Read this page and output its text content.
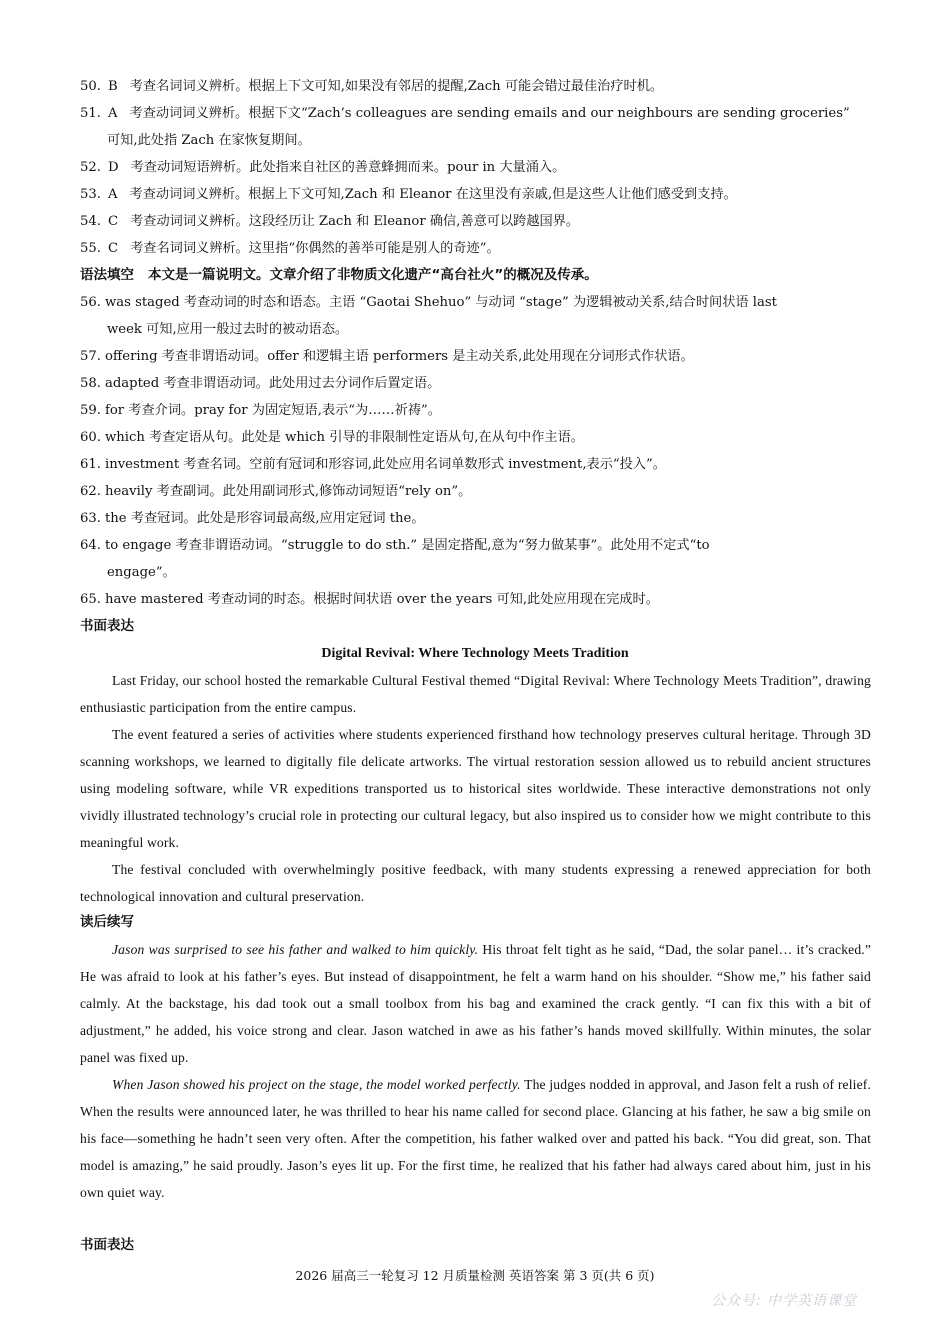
50. B 考查名词词义辨析。根据上下文可知,如果没有邻居的提醒,Zach 可能会错过最佳治疗时机。
51. A 考查动词词义辨析。根据下文“Zach’s colleagues are sending emails and our neighbours are sending groceries”
可知,此处指 Zach 在家恢复期间。
52. D 考查动词短语辨析。此处指来自社区的善意蜂拥而来。pour in 大量涌入。
53. A 考查动词词义辨析。根据上下文可知,Zach 和 Eleanor 在这里没有亲戚,但是这些人让他们感受到支持。
54. C 考查动词词义辨析。这段经历让 Zach 和 Eleanor 确信,善意可以跨越国界。
55. C 考查名词词义辨析。这里指“你偶然的善举可能是别人的奇迹”。
语法填空 本文是一篇说明文。文章介绍了非物质文化遗产“高台社火”的概况及传承。
56. was staged 考查动词的时态和语态。主语 “Gaotai Shehuo” 与动词 “stage” 为逻辑被动关系,结合时间状语 last
week 可知,应用一般过去时的被动语态。
57. offering 考查非谓语动词。offer 和逻辑主语 performers 是主动关系,此处用现在分词形式作状语。
58. adapted 考查非谓语动词。此处用过去分词作后置定语。
59. for 考查介词。pray for 为固定短语,表示“为……祈祷”。
60. which 考查定语从句。此处是 which 引导的非限制性定语从句,在从句中作主语。
61. investment 考查名词。空前有冠词和形容词,此处应用名词单数形式 investment,表示“投入”。
62. heavily 考查副词。此处用副词形式,修饰动词短语“rely on”。
63. the 考查冠词。此处是形容词最高级,应用定冠词 the。
64. to engage 考查非谓语动词。“struggle to do sth.” 是固定搭配,意为“努力做某事”。此处用不定式“to
engage”。
65. have mastered 考查动词的时态。根据时间状语 over the years 可知,此处应用现在完成时。
书面表达
Digital Revival: Where Technology Meets Tradition
Last Friday, our school hosted the remarkable Cultural Festival themed “Digital Revival: Where Technology Meets Tradition”, drawing enthusiastic participation from the entire campus.
The event featured a series of activities where students experienced firsthand how technology preserves cultural heritage. Through 3D scanning workshops, we learned to digitally file delicate artworks. The virtual restoration session allowed us to rebuild ancient structures using modeling software, while VR expeditions transported us to historical sites worldwide. These interactive demonstrations not only vividly illustrated technology’s crucial role in protecting our cultural legacy, but also inspired us to consider how we might contribute to this meaningful work.
The festival concluded with overwhelmingly positive feedback, with many students expressing a renewed appreciation for both technological innovation and cultural preservation.
读后续写
Jason was surprised to see his father and walked to him quickly. His throat felt tight as he said, “Dad, the solar panel… it’s cracked.” He was afraid to look at his father’s eyes. But instead of disappointment, he felt a warm hand on his shoulder. “Show me,” his father said calmly. At the backstage, his dad took out a small toolbox from his bag and examined the crack gently. “I can fix this with a bit of adjustment,” he added, his voice strong and clear. Jason watched in awe as his father’s hands moved skillfully. Within minutes, the solar panel was fixed up.
When Jason showed his project on the stage, the model worked perfectly. The judges nodded in approval, and Jason felt a rush of relief. When the results were announced later, he was thrilled to hear his name called for second place. Glancing at his father, he saw a big smile on his face—something he hadn’t seen very often. After the competition, his father walked over and patted his back. “You did great, son. That model is amazing,” he said proudly. Jason’s eyes lit up. For the first time, he realized that his father had always cared about him, just in his own quiet way.
书面表达
2026 届高三一轮复习 12 月质量检测 英语答案 第 3 页(共 6 页)
公众号: 中学英语课堂
